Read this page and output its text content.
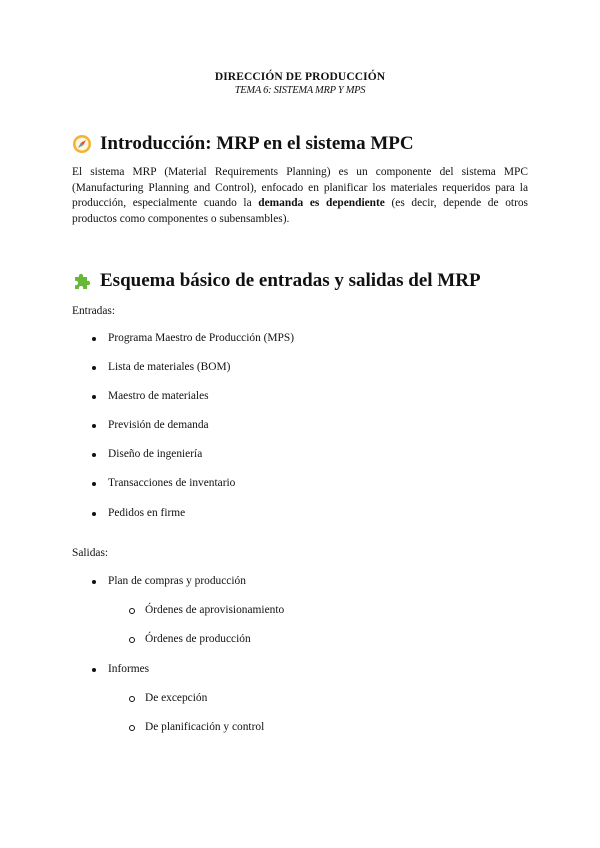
DIRECCIÓN DE PRODUCCIÓN
TEMA 6: SISTEMA MRP Y MPS
Introducción: MRP en el sistema MPC

El sistema MRP (Material Requirements Planning) es un componente del sistema MPC (Manufacturing Planning and Control), enfocado en planificar los materiales requeridos para la producción, especialmente cuando la demanda es dependiente (es decir, depende de otros productos como componentes o subensambles).

Esquema básico de entradas y salidas del MRP

Entradas:

Programa Maestro de Producción (MPS)
Lista de materiales (BOM)
Maestro de materiales
Previsión de demanda
Diseño de ingeniería
Transacciones de inventario
Pedidos en firme

Salidas:

Plan de compras y producción
Órdenes de aprovisionamiento
Órdenes de producción
Informes
De excepción
De planificación y control
